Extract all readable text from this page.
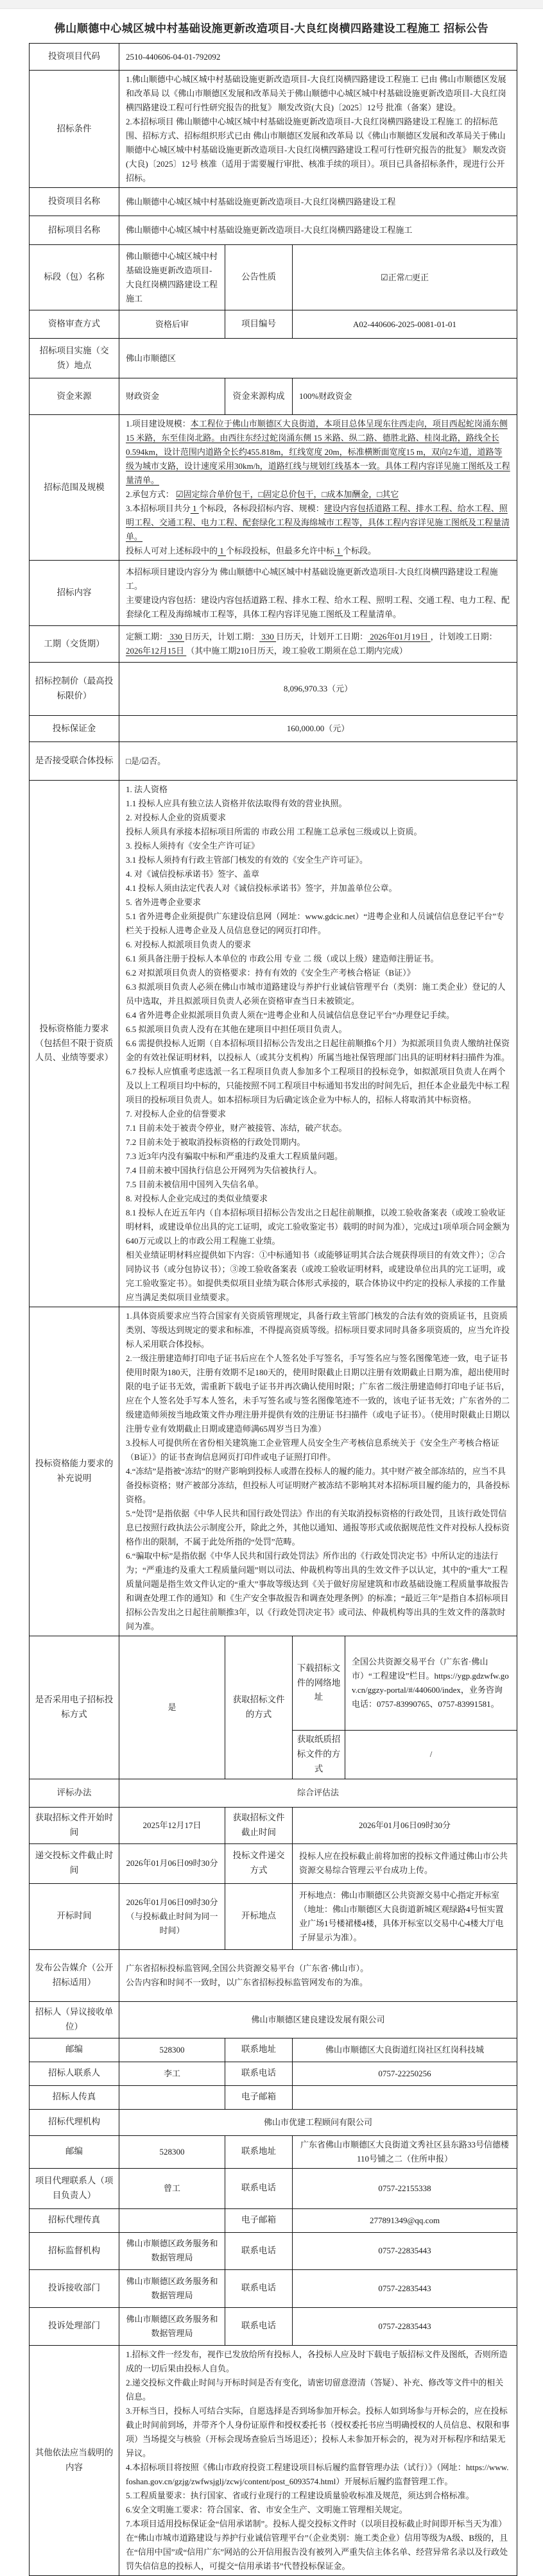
佛山顺德中心城区城中村基础设施更新改造项目-大良红岗横四路建设工程施工 招标公告
投资项目代码	2510-440606-04-01-792092			
招标条件	1.佛山顺德中心城区城中村基础设施更新改造项目-大良红岗横四路建设工程施工 已由 佛山市顺德区发展和改革局 以《佛山市顺德区发展和改革局关于佛山顺德中心城区城中村基础设施更新改造项目-大良红岗横四路建设工程可行性研究报告的批复》 顺发改资(大良)〔2025〕12号 批准（备案）建设。

2.本招标项目 佛山顺德中心城区城中村基础设施更新改造项目-大良红岗横四路建设工程施工 的招标范围、招标方式、招标组织形式已由 佛山市顺德区发展和改革局 以《佛山市顺德区发展和改革局关于佛山顺德中心城区城中村基础设施更新改造项目-大良红岗横四路建设工程可行性研究报告的批复》 顺发改资(大良)〔2025〕12号 核准（适用于需要履行审批、核准手续的项目）。项目已具备招标条件，现进行公开招标。			

投资项目名称	佛山顺德中心城区城中村基础设施更新改造项目-大良红岗横四路建设工程			
招标项目名称	佛山顺德中心城区城中村基础设施更新改造项目-大良红岗横四路建设工程施工			
标段（包）名称	佛山顺德中心城区城中村基础设施更新改造项目-大良红岗横四路建设工程施工	公告性质	☑正常/□更正	
资格审查方式	资格后审	项目编号	A02-440606-2025-0081-01-01	
招标项目实施（交货）地点	佛山市顺德区			
资金来源	财政资金	资金来源构成	100%财政资金	
招标范围及规模	1.项目建设规模：本工程位于佛山市顺德区大良街道，本项目总体呈现东往西走向，项目西起蛇岗涌东侧 15 米路，东至佳岗北路。由西往东经过蛇岗涌东侧 15 米路、纵二路、德胜北路、桂岗北路，路线全长 0.594km，设计范围内道路全长约455.818m，红线宽度 20m，标准横断面宽度15 m，双向2车道，道路等级为城市支路，设计速度采用30km/h，道路红线与规划红线基本一致。具体工程内容详见施工图纸及工程量清单。

2.承包方式： ☑固定综合单价包干，□固定总价包干，□成本加酬金，□其它

3.本招标项目共分 1 个标段，各标段招标内容、规模：建设内容包括道路工程、排水工程、给水工程、照明工程、交通工程、电力工程、配套绿化工程及海绵城市工程等，具体工程内容详见施工图纸及工程量清单。

投标人可对上述标段中的 1 个标段投标，但最多允许中标 1 个标段。			

招标内容	本招标项目建设内容分为 佛山顺德中心城区城中村基础设施更新改造项目-大良红岗横四路建设工程施工。

主要建设内容包括：建设内容包括道路工程、排水工程、给水工程、照明工程、交通工程、电力工程、配套绿化工程及海绵城市工程等，具体工程内容详见施工图纸及工程量清单。			

工期（交货期）	定额工期： 330 日历天，计划工期： 330 日历天，计划开工日期： 2026年01月19日 ，计划竣工日期： 2026年12月15日 （其中施工期210日历天，竣工验收工期须在总工期内完成）			

招标控制价（最高投标限价）	8,096,970.33（元）			
投标保证金	160,000.00（元）			
是否接受联合体投标	□是/☑否。			
投标资格能力要求（包括但不限于资质人员、业绩等要求）	

1. 法人资格

1.1 投标人应具有独立法人资格并依法取得有效的营业执照。

2. 对投标人企业的资质要求

投标人须具有承接本招标项目所需的 市政公用 工程施工总承包三级或以上资质。

3. 投标人须持有《安全生产许可证》

3.1 投标人须持有行政主管部门核发的有效的《安全生产许可证》。

4. 对《诚信投标承诺书》签字、盖章

4.1 投标人须由法定代表人对《诚信投标承诺书》签字，并加盖单位公章。

5. 省外进粤企业要求

5.1 省外进粤企业须提供广东建设信息网（网址：www.gdcic.net）“进粤企业和人员诚信信息登记平台”专栏关于投标人进粤企业及人员信息登记的网页打印件。

6. 对投标人拟派项目负责人的要求

6.1 须具备注册于投标人本单位的 市政公用 专业 二 级（或以上级）建造师注册证书。

6.2 对拟派项目负责人的资格要求：持有有效的《安全生产考核合格证（B证）》

6.3 拟派项目负责人必须在佛山市城市道路建设与养护行业诚信管理平台（类别：施工类企业）登记的人员中选取，并且拟派项目负责人必须在资格审查当日未被锁定。

6.4 省外进粤企业拟派项目负责人须在“进粤企业和人员诚信信息登记平台”办理登记手续。

6.5 拟派项目负责人没有在其他在建项目中担任项目负责人。

6.6 需提供投标人近期（自本招标项目招标公告发出之日起往前顺推6个月）为拟派项目负责人缴纳社保资金的有效社保证明材料，以投标人（或其分支机构）所属当地社保管理部门出具的证明材料扫描件为准。

6.7 投标人应慎重考虑选派一名工程项目负责人参加多个工程项目的投标竞争，如拟派项目负责人在两个及以上工程项目均中标的，只能按照不同工程项目中标通知书发出的时间先后，担任本企业最先中标工程项目的投标项目负责人。如本招标项目为后确定该企业为中标人的，招标人将取消其中标资格。

7. 对投标人企业的信誉要求

7.1 目前未处于被责令停业，财产被接管、冻结，破产状态。

7.2 目前未处于被取消投标资格的行政处罚期内。

7.3 近3年内没有骗取中标和严重违约及重大工程质量问题。

7.4 目前未被中国执行信息公开网列为失信被执行人。

7.5 目前未被信用中国列入失信名单。

8. 对投标人企业完成过的类似业绩要求

8.1 投标人在近五年内（自本招标项目招标公告发出之日起往前顺推，以竣工验收备案表（或竣工验收证明材料，或建设单位出具的完工证明，或完工验收鉴定书）载明的时间为准），完成过1项单项合同金额为640万元或以上的市政公用工程施工业绩。

相关业绩证明材料应提供如下内容：①中标通知书（或能够证明其合法合规获得项目的有效文件）；②合同协议书（或分包协议书）；③竣工验收备案表（或竣工验收证明材料，或建设单位出具的完工证明，或完工验收鉴定书）。如提供类似项目业绩为联合体形式承接的，联合体协议中约定的投标人承接的工作量应当满足类似项目业绩要求。

投标资格能力要求的补充说明	

1.具体资质要求应当符合国家有关资质管理规定，具备行政主管部门核发的合法有效的资质证书，且资质类别、等级达到规定的要求和标准，不得提高资质等级。招标项目要求同时具备多项资质的，应当允许投标人采用联合体投标。

2.一级注册建造师打印电子证书后应在个人签名处手写签名，手写签名应与签名图像笔迹一致，电子证书使用时限为180天，注册有效期不足180天的，使用时限截止日期以注册有效期截止日期为准，超出使用时限的电子证书无效，需重新下载电子证书并再次确认使用时限；广东省二级注册建造师打印电子证书后，应在个人签名处手写本人签名，未手写签名或与签名图像笔迹不一致的，该电子证书无效；广东省外的二级建造师须按当地政策文件办理注册并提供有效的注册证书扫描件（或电子证书）。（使用时限截止日期以注册专业有效期截止日期或建造师满65周岁当日为准）

3.投标人可提供所在省份相关建筑施工企业管理人员安全生产考核信息系统关于《安全生产考核合格证（B证）》的证书查询信息网页打印件或电子证照打印件。

4.“冻结”是指被“冻结”的财产影响到投标人或潜在投标人的履约能力。其中财产被全部冻结的，应当不具备投标资格；财产被部分冻结，但投标人可证明财产被冻结不影响其对本招标项目履约能力的，具备投标资格。

5.“处罚”是指依据《中华人民共和国行政处罚法》作出的有关取消投标资格的行政处罚，且该行政处罚信息已按照行政执法公示制度公开，除此之外，其他以通知、通报等形式或依据规范性文件对投标人投标资格作出的限制，不属于此处所指的“处罚”范畴。

6.“骗取中标”是指依据《中华人民共和国行政处罚法》所作出的《行政处罚决定书》中所认定的违法行为；“严重违约及重大工程质量问题”则以司法、仲裁机构等出具的生效文件予以认定，其中的“重大”工程质量问题是指生效文件认定的“重大”事故等级达到《关于做好房屋建筑和市政基础设施工程质量事故报告和调查处理工作的通知》和《生产安全事故报告和调查处理条例》的标准；“最近三年”是指自本招标项目招标公告发出之日起往前顺推3年，以《行政处罚决定书》或司法、仲裁机构等出具的生效文件的落款时间为准。

是否采用电子招标投标方式	是	获取招标文件的方式	下载招标文件的网络地址	全国公共资源交易平台（广东省·佛山市）“工程建设”栏目。https://ygp.gdzwfw.gov.cn/ggzy-portal/#/440600/index，业务咨询电话：0757-83990765、0757-83991581。
			获取纸质招标文件的方式	/
评标办法	综合评估法			
获取招标文件开始时间	2025年12月17日	获取招标文件截止时间	2026年01月06日09时30分	
递交投标文件截止时间	2026年01月06日09时30分	投标文件递交方式	投标人应在投标截止前将加密的投标文件通过佛山市公共资源交易综合管理云平台成功上传。	
开标时间	2026年01月06日09时30分（与投标截止时间为同一时间）	开标地点	开标地点：佛山市顺德区公共资源交易中心指定开标室（地址：佛山市顺德区大良街道新城区观绿路4号恒实置业广场1号楼裙楼4楼，具体开标室以交易中心4楼大厅电子屏显示为准）。	
发布公告媒介（公开招标适用）	广东省招标投标监管网,全国公共资源交易平台（广东省·佛山市）。

公告内容和时间不一致时，以广东省招标投标监管网发布的为准。			

招标人（异议接收单位）	佛山市顺德区建良建设发展有限公司			
邮编	528300	联系地址	佛山市顺德区大良街道红岗社区红岗科技城	
招标人联系人	李工	联系电话	0757-22250256	
招标人传真		电子邮箱		
招标代理机构	佛山市优建工程顾问有限公司			
邮编	528300	联系地址	广东省佛山市顺德区大良街道文秀社区县东路33号信德楼110号铺之二（住所申报）	
项目代理联系人（项目负责人）	曾工	联系电话	0757-22155338	
招标代理传真		电子邮箱	277891349@qq.com	
招标监督机构	佛山市顺德区政务服务和数据管理局	联系电话	0757-22835443	
投诉接收部门	佛山市顺德区政务服务和数据管理局	联系电话	0757-22835443	
投诉处理部门	佛山市顺德区政务服务和数据管理局	联系电话	0757-22835443	
其他依法应当载明的内容	

1.招标文件一经发布，视作已发放给所有投标人，各投标人应及时下载电子版招标文件及图纸，否则所造成的一切后果由投标人自负。

2.递交投标文件截止时间与开标时间是否有变化，请密切留意澄清（答疑）、补充、修改等文件中的相关信息。

3.开标当日，投标人可结合实际，自愿选择是否到场参加开标会。投标人如到场参与开标会的，应在投标截止时间前到场，并带齐个人身份证原件和授权委托书（授权委托书应当明确授权的人员信息、权限和事项）当场提交与核验（开标会现场查验后当场退还）；投标人未参加开标会的，视为对开标程序和结果无异议。

4.本招标项目将按照《佛山市政府投资工程建设项目标后履约监督管理办法（试行）》（网址：https://www.foshan.gov.cn/gzjg/zwfwsjglj/zcwj/content/post_6093574.html）开展标后履约监督管理工作。

5.工程质量要求：执行国家、省或行业现行的工程建设质量验收标准及规范，须达到合格标准。

6.安全文明施工要求：符合国家、省、市安全生产、文明施工管理相关规定。

7.本项目适用投标保证金“信用承诺制”。投标人提交投标文件时（以项目投标截止时间即开标当天为准）在“佛山市城市道路建设与养护行业诚信管理平台”（企业类别：施工类企业）信用等级为A级、B级的，且在“信用中国”或“信用广东”网站的公开信用报告没有被列入严重失信主体名单、经营异常名录以及行政处罚失信信息的投标人，可提交“信用承诺书”代替投标保证金。
